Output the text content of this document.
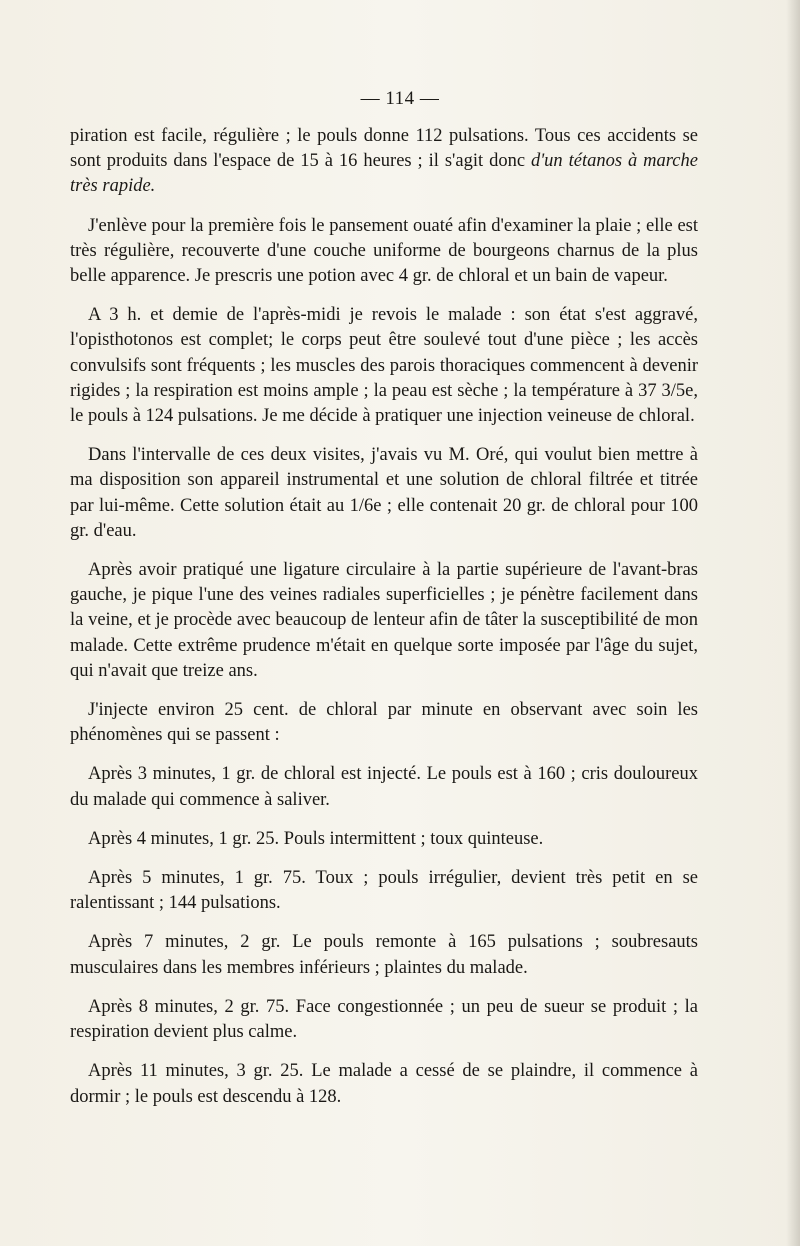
— 114 —

piration est facile, régulière ; le pouls donne 112 pulsations. Tous ces accidents se sont produits dans l'espace de 15 à 16 heures ; il s'agit donc d'un tétanos à marche très rapide.

J'enlève pour la première fois le pansement ouaté afin d'examiner la plaie ; elle est très régulière, recouverte d'une couche uniforme de bourgeons charnus de la plus belle apparence. Je prescris une potion avec 4 gr. de chloral et un bain de vapeur.

A 3 h. et demie de l'après-midi je revois le malade : son état s'est aggravé, l'opisthotonos est complet; le corps peut être soulevé tout d'une pièce ; les accès convulsifs sont fréquents ; les muscles des parois thoraciques commencent à devenir rigides ; la respiration est moins ample ; la peau est sèche ; la température à 37 3/5e, le pouls à 124 pulsations. Je me décide à pratiquer une injection veineuse de chloral.

Dans l'intervalle de ces deux visites, j'avais vu M. Oré, qui voulut bien mettre à ma disposition son appareil instrumental et une solution de chloral filtrée et titrée par lui-même. Cette solution était au 1/6e ; elle contenait 20 gr. de chloral pour 100 gr. d'eau.

Après avoir pratiqué une ligature circulaire à la partie supérieure de l'avant-bras gauche, je pique l'une des veines radiales superficielles ; je pénètre facilement dans la veine, et je procède avec beaucoup de lenteur afin de tâter la susceptibilité de mon malade. Cette extrême prudence m'était en quelque sorte imposée par l'âge du sujet, qui n'avait que treize ans.

J'injecte environ 25 cent. de chloral par minute en observant avec soin les phénomènes qui se passent :

Après 3 minutes, 1 gr. de chloral est injecté. Le pouls est à 160 ; cris douloureux du malade qui commence à saliver.

Après 4 minutes, 1 gr. 25. Pouls intermittent ; toux quinteuse.

Après 5 minutes, 1 gr. 75. Toux ; pouls irrégulier, devient très petit en se ralentissant ; 144 pulsations.

Après 7 minutes, 2 gr. Le pouls remonte à 165 pulsations ; soubresauts musculaires dans les membres inférieurs ; plaintes du malade.

Après 8 minutes, 2 gr. 75. Face congestionnée ; un peu de sueur se produit ; la respiration devient plus calme.

Après 11 minutes, 3 gr. 25. Le malade a cessé de se plaindre, il commence à dormir ; le pouls est descendu à 128.
